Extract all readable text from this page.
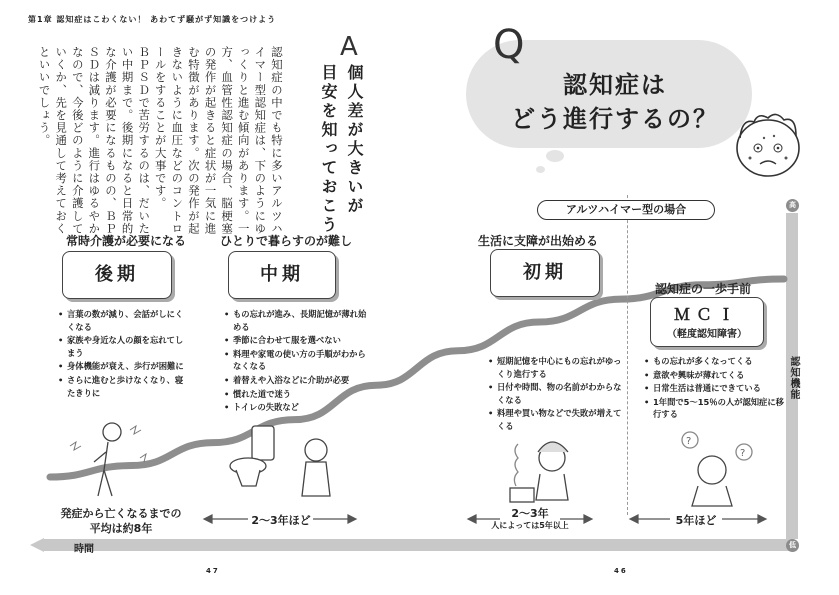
第1章 認知症はこわくない！ あわてず騒がず知識をつけよう
Q
認知症は
どう進行するの？
A
個人差が大きいが
目安を知っておこう

認知症の中でも特に多いアルツハイマー型認知症は、下のようにゆっくりと進む傾向があります。一方、血管性認知症の場合、脳梗塞の発作が起きると症状が一気に進む特徴があります。次の発作が起きないように血圧などのコントロールをすることが大事です。

ＢＰＳＤで苦労するのは、だいたい中期まで。後期になると日常的な介護が必要になるものの、ＢＰＳＤは減ります。進行はゆるやかなので、今後どのように介護していくか、先を見通して考えておくといいでしょう。

?
?
アルツハイマー型の場合
常時介護が必要になる
後期
• 言葉の数が減り、会話がしにくくなる
• 家族や身近な人の顔を忘れてしまう
• 身体機能が衰え、歩行が困難に
• さらに進むと歩けなくなり、寝たきりに
ひとりで暮らすのが難し
中期
• もの忘れが進み、長期記憶が薄れ始める
• 季節に合わせて服を選べない
• 料理や家電の使い方の手順がわからなくなる
• 着替えや入浴などに介助が必要
• 慣れた道で迷う
• トイレの失敗など
生活に支障が出始める
初期
• 短期記憶を中心にもの忘れがゆっくり進行する
• 日付や時間、物の名前がわからなくなる
• 料理や買い物などで失敗が増えてくる
認知症の一歩手前
ＭＣＩ
（軽度認知障害）
• もの忘れが多くなってくる
• 意欲や興味が薄れてくる
• 日常生活は普通にできている
• 1年間で5〜15％の人が認知症に移行する
2〜3年ほど
2〜3年
人によっては5年以上	5年ほど
発症から亡くなるまでの
平均は約8年
時間
認知機能
高
低
47	46
